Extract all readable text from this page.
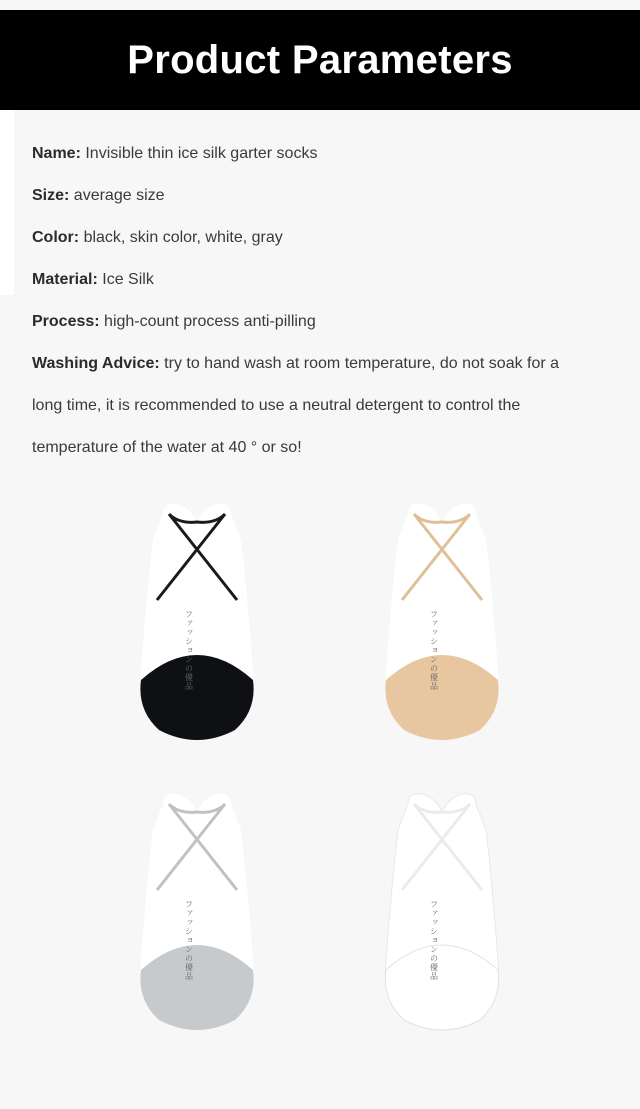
Product Parameters
Name: Invisible thin ice silk garter socks
Size: average size
Color: black, skin color, white, gray
Material: Ice Silk
Process: high-count process anti-pilling
Washing Advice: try to hand wash at room temperature, do not soak for a
long time, it is recommended to use a neutral detergent to control the
temperature of the water at 40 ° or so!
ファッションの優品	ファッションの優品
ファッションの優品	ファッションの優品
